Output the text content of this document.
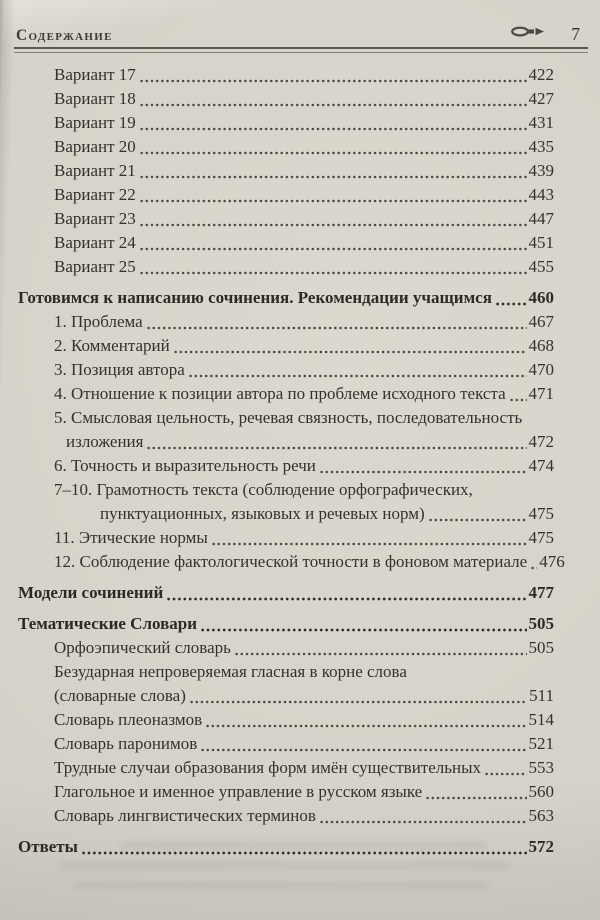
Содержание	7
Вариант 17	422
Вариант 18	427
Вариант 19	431
Вариант 20	435
Вариант 21	439
Вариант 22	443
Вариант 23	447
Вариант 24	451
Вариант 25	455
Готовимся к написанию сочинения. Рекомендации учащимся 460
1. Проблема	467
2. Комментарий	468
3. Позиция автора	470
4. Отношение к позиции автора по проблеме исходного текста 471
5. Смысловая цельность, речевая связность, последовательность
изложения	472
6. Точность и выразительность речи	474
7–10. Грамотность текста (соблюдение орфографических,
пунктуационных, языковых и речевых норм)	475
11. Этические нормы	475
12. Соблюдение фактологической точности в фоновом материале 476
Модели сочинений	477
Тематические Словари	505
Орфоэпический словарь	505
Безударная непроверяемая гласная в корне слова
(словарные слова)	511
Словарь плеоназмов	514
Словарь паронимов	521
Трудные случаи образования форм имён существительных	553
Глагольное и именное управление в русском языке	560
Словарь лингвистических терминов	563
Ответы	572
